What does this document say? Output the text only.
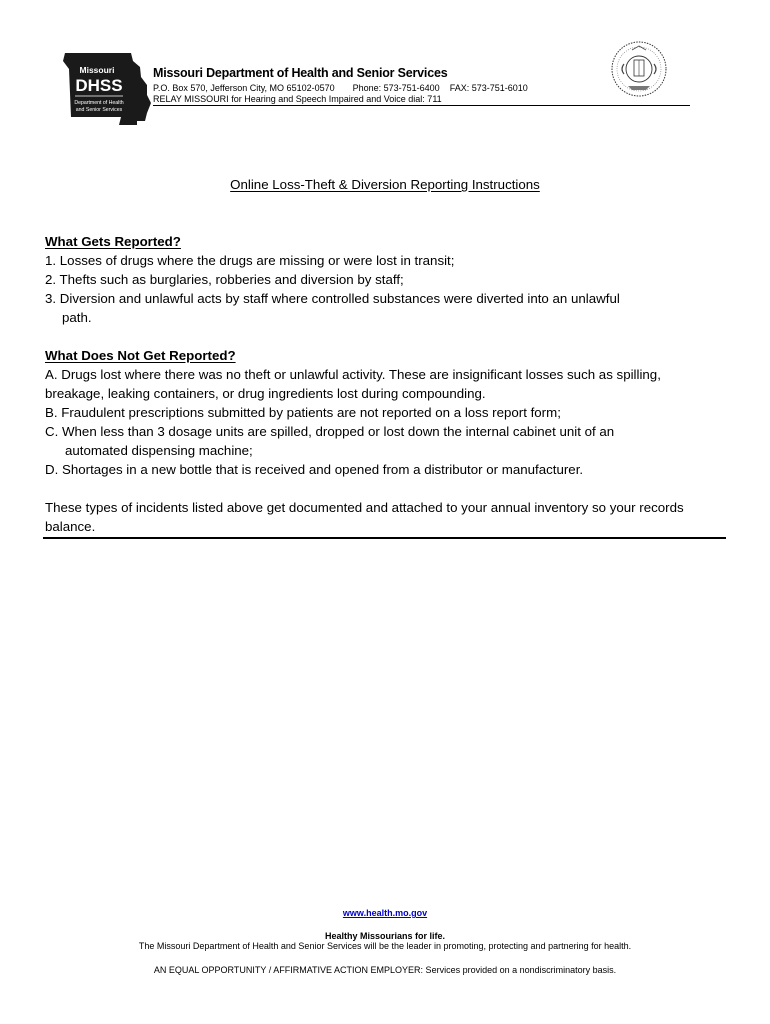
Missouri
DHSS
Department of Health
and Senior Services
Missouri Department of Health and Senior Services
P.O. Box 570, Jefferson City, MO 65102-0570 Phone: 573-751-6400 FAX: 573-751-6010
RELAY MISSOURI for Hearing and Speech Impaired and Voice dial: 711
Online Loss-Theft & Diversion Reporting Instructions
What Gets Reported?
1. Losses of drugs where the drugs are missing or were lost in transit;
2. Thefts such as burglaries, robberies and diversion by staff;
3. Diversion and unlawful acts by staff where controlled substances were diverted into an unlawful
path.
What Does Not Get Reported?
A. Drugs lost where there was no theft or unlawful activity. These are insignificant losses such as spilling,
breakage, leaking containers, or drug ingredients lost during compounding.
B. Fraudulent prescriptions submitted by patients are not reported on a loss report form;
C. When less than 3 dosage units are spilled, dropped or lost down the internal cabinet unit of an
automated dispensing machine;
D. Shortages in a new bottle that is received and opened from a distributor or manufacturer.
These types of incidents listed above get documented and attached to your annual inventory so your records
balance.
www.health.mo.gov
Healthy Missourians for life.
The Missouri Department of Health and Senior Services will be the leader in promoting, protecting and partnering for health.
AN EQUAL OPPORTUNITY / AFFIRMATIVE ACTION EMPLOYER: Services provided on a nondiscriminatory basis.
